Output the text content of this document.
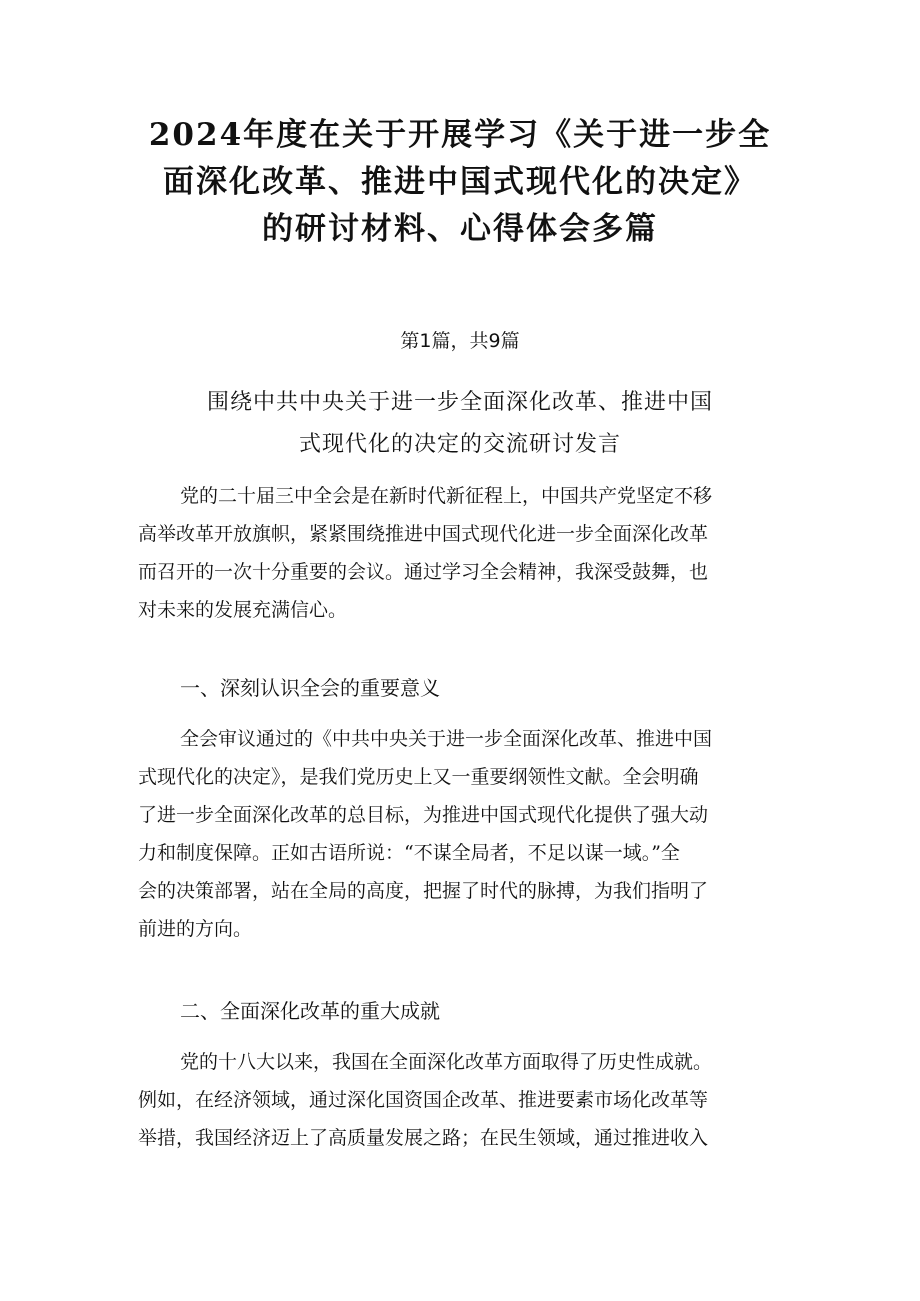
2024年度在关于开展学习《关于进一步全
面深化改革、推进中国式现代化的决定》
的研讨材料、心得体会多篇
第1篇，共9篇
围绕中共中央关于进一步全面深化改革、推进中国
式现代化的决定的交流研讨发言
党的二十届三中全会是在新时代新征程上，中国共产党坚定不移
高举改革开放旗帜，紧紧围绕推进中国式现代化进一步全面深化改革
而召开的一次十分重要的会议。通过学习全会精神，我深受鼓舞，也
对未来的发展充满信心。
一、深刻认识全会的重要意义
全会审议通过的《中共中央关于进一步全面深化改革、推进中国
式现代化的决定》，是我们党历史上又一重要纲领性文献。全会明确
了进一步全面深化改革的总目标，为推进中国式现代化提供了强大动
力和制度保障。正如古语所说：“不谋全局者，不足以谋一域。”全
会的决策部署，站在全局的高度，把握了时代的脉搏，为我们指明了
前进的方向。
二、全面深化改革的重大成就
党的十八大以来，我国在全面深化改革方面取得了历史性成就。
例如，在经济领域，通过深化国资国企改革、推进要素市场化改革等
举措，我国经济迈上了高质量发展之路；在民生领域，通过推进收入
